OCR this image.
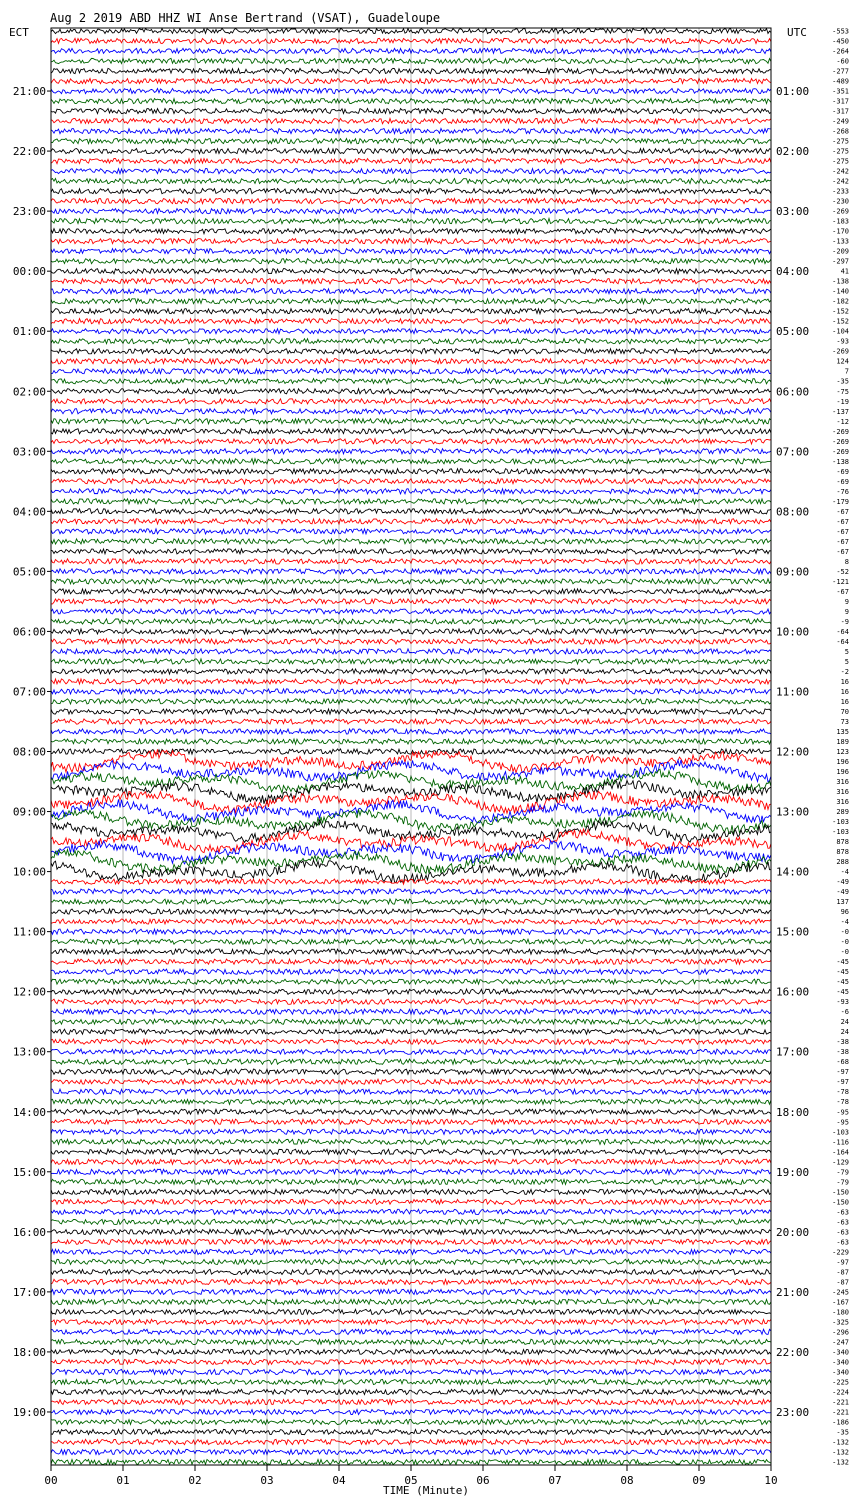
Aug 2 2019 ABD HHZ WI Anse Bertrand (VSAT), Guadeloupe
ECT	UTC
21:00
22:00
23:00
00:00
01:00
02:00
03:00
04:00
05:00
06:00
07:00
08:00
09:00
10:00
11:00
12:00
13:00
14:00
15:00
16:00
17:00
18:00
19:00
01:00
02:00
03:00
04:00
05:00
06:00
07:00
08:00
09:00
10:00
11:00
12:00
13:00
14:00
15:00
16:00
17:00
18:00
19:00
20:00
21:00
22:00
23:00
-553
-450
-264
-60
-277
-489
-351
-317
-317
-249
-268
-275
-275
-275
-242
-242
-233
-230
-269
-183
-170
-133
-209
-297
41
-138
-140
-182
-152
-152
-104
-93
-269
124
7
-35
-75
-19
-137
-12
-269
-269
-269
-138
-69
-69
-76
-179
-67
-67
-67
-67
-67
8
-52
-121
-67
9
9
-9
-64
-64
5
5
-2
16
16
16
70
73
135
189
123
196
196
316
316
316
289
-103
-103
878
878
288
-4
-49
-49
137
96
-4
-0
-0
-0
-45
-45
-45
-45
-93
-6
24
24
-38
-38
-68
-97
-97
-78
-78
-95
-95
-103
-116
-164
-129
-79
-79
-150
-150
-63
-63
-63
-63
-229
-97
-87
-87
-245
-167
-180
-325
-296
-247
-340
-340
-340
-225
-224
-221
-221
-186
-35
-132
-132
-132
00	01	02	03	04	05	06	07	08	09	10
TIME (Minute)
